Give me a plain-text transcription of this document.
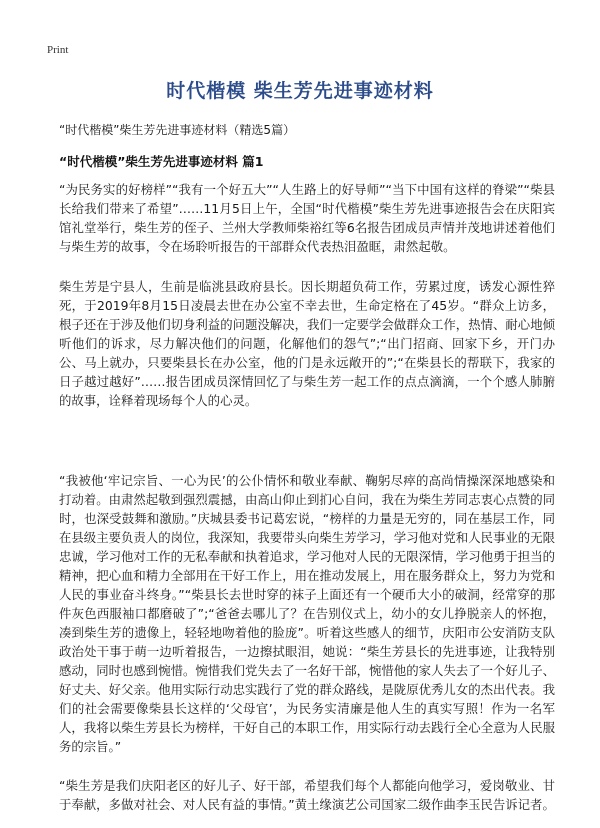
Print
时代楷模 柴生芳先进事迹材料
“时代楷模”柴生芳先进事迹材料（精选5篇）
“时代楷模”柴生芳先进事迹材料 篇1
“为民务实的好榜样”“我有一个好五大”“人生路上的好导师”“当下中国有这样的脊梁”“柴县长给我们带来了希望”……11月5日上午，全国“时代楷模”柴生芳先进事迹报告会在庆阳宾馆礼堂举行，柴生芳的侄子、兰州大学教师柴裕红等6名报告团成员声情并茂地讲述着他们与柴生芳的故事，令在场聆听报告的干部群众代表热泪盈眶，肃然起敬。
柴生芳是宁县人，生前是临洮县政府县长。因长期超负荷工作，劳累过度，诱发心源性猝死，于2019年8月15日凌晨去世在办公室不幸去世，生命定格在了45岁。“群众上访多，根子还在于涉及他们切身利益的问题没解决，我们一定要学会做群众工作，热情、耐心地倾听他们的诉求，尽力解决他们的问题，化解他们的怨气”;“出门招商、回家下乡，开门办公、马上就办，只要柴县长在办公室，他的门是永远敞开的”;“在柴县长的帮联下，我家的日子越过越好”……报告团成员深情回忆了与柴生芳一起工作的点点滴滴，一个个感人肺腑的故事，诠释着现场每个人的心灵。
“我被他‘牢记宗旨、一心为民’的公仆情怀和敬业奉献、鞠躬尽瘁的高尚情操深深地感染和打动着。由肃然起敬到强烈震撼，由高山仰止到扪心自问，我在为柴生芳同志衷心点赞的同时，也深受鼓舞和激励。”庆城县委书记葛宏说，“榜样的力量是无穷的，同在基层工作，同在县级主要负责人的岗位，我深知，我要带头向柴生芳学习，学习他对党和人民事业的无限忠诚，学习他对工作的无私奉献和执着追求，学习他对人民的无限深情，学习他勇于担当的精神，把心血和精力全部用在干好工作上，用在推动发展上，用在服务群众上，努力为党和人民的事业奋斗终身。”“柴县长去世时穿的袜子上面还有一个硬币大小的破洞，经常穿的那件灰色西服袖口都磨破了”;“爸爸去哪儿了？在告别仪式上，幼小的女儿挣脱亲人的怀抱，凑到柴生芳的遗像上，轻轻地吻着他的脸庞”。听着这些感人的细节，庆阳市公安消防支队政治处干事于萌一边听着报告，一边擦拭眼泪，她说：“柴生芳县长的先进事迹，让我特别感动，同时也感到惋惜。惋惜我们党失去了一名好干部，惋惜他的家人失去了一个好儿子、好丈夫、好父亲。他用实际行动忠实践行了党的群众路线，是陇原优秀儿女的杰出代表。我们的社会需要像柴县长这样的‘父母官’，为民务实清廉是他人生的真实写照！作为一名军人，我将以柴生芳县长为榜样，干好自己的本职工作，用实际行动去践行全心全意为人民服务的宗旨。”
“柴生芳是我们庆阳老区的好儿子、好干部，希望我们每个人都能向他学习，爱岗敬业、甘于奉献，多做对社会、对人民有益的事情。”黄土缘演艺公司国家二级作曲李玉民告诉记者。
